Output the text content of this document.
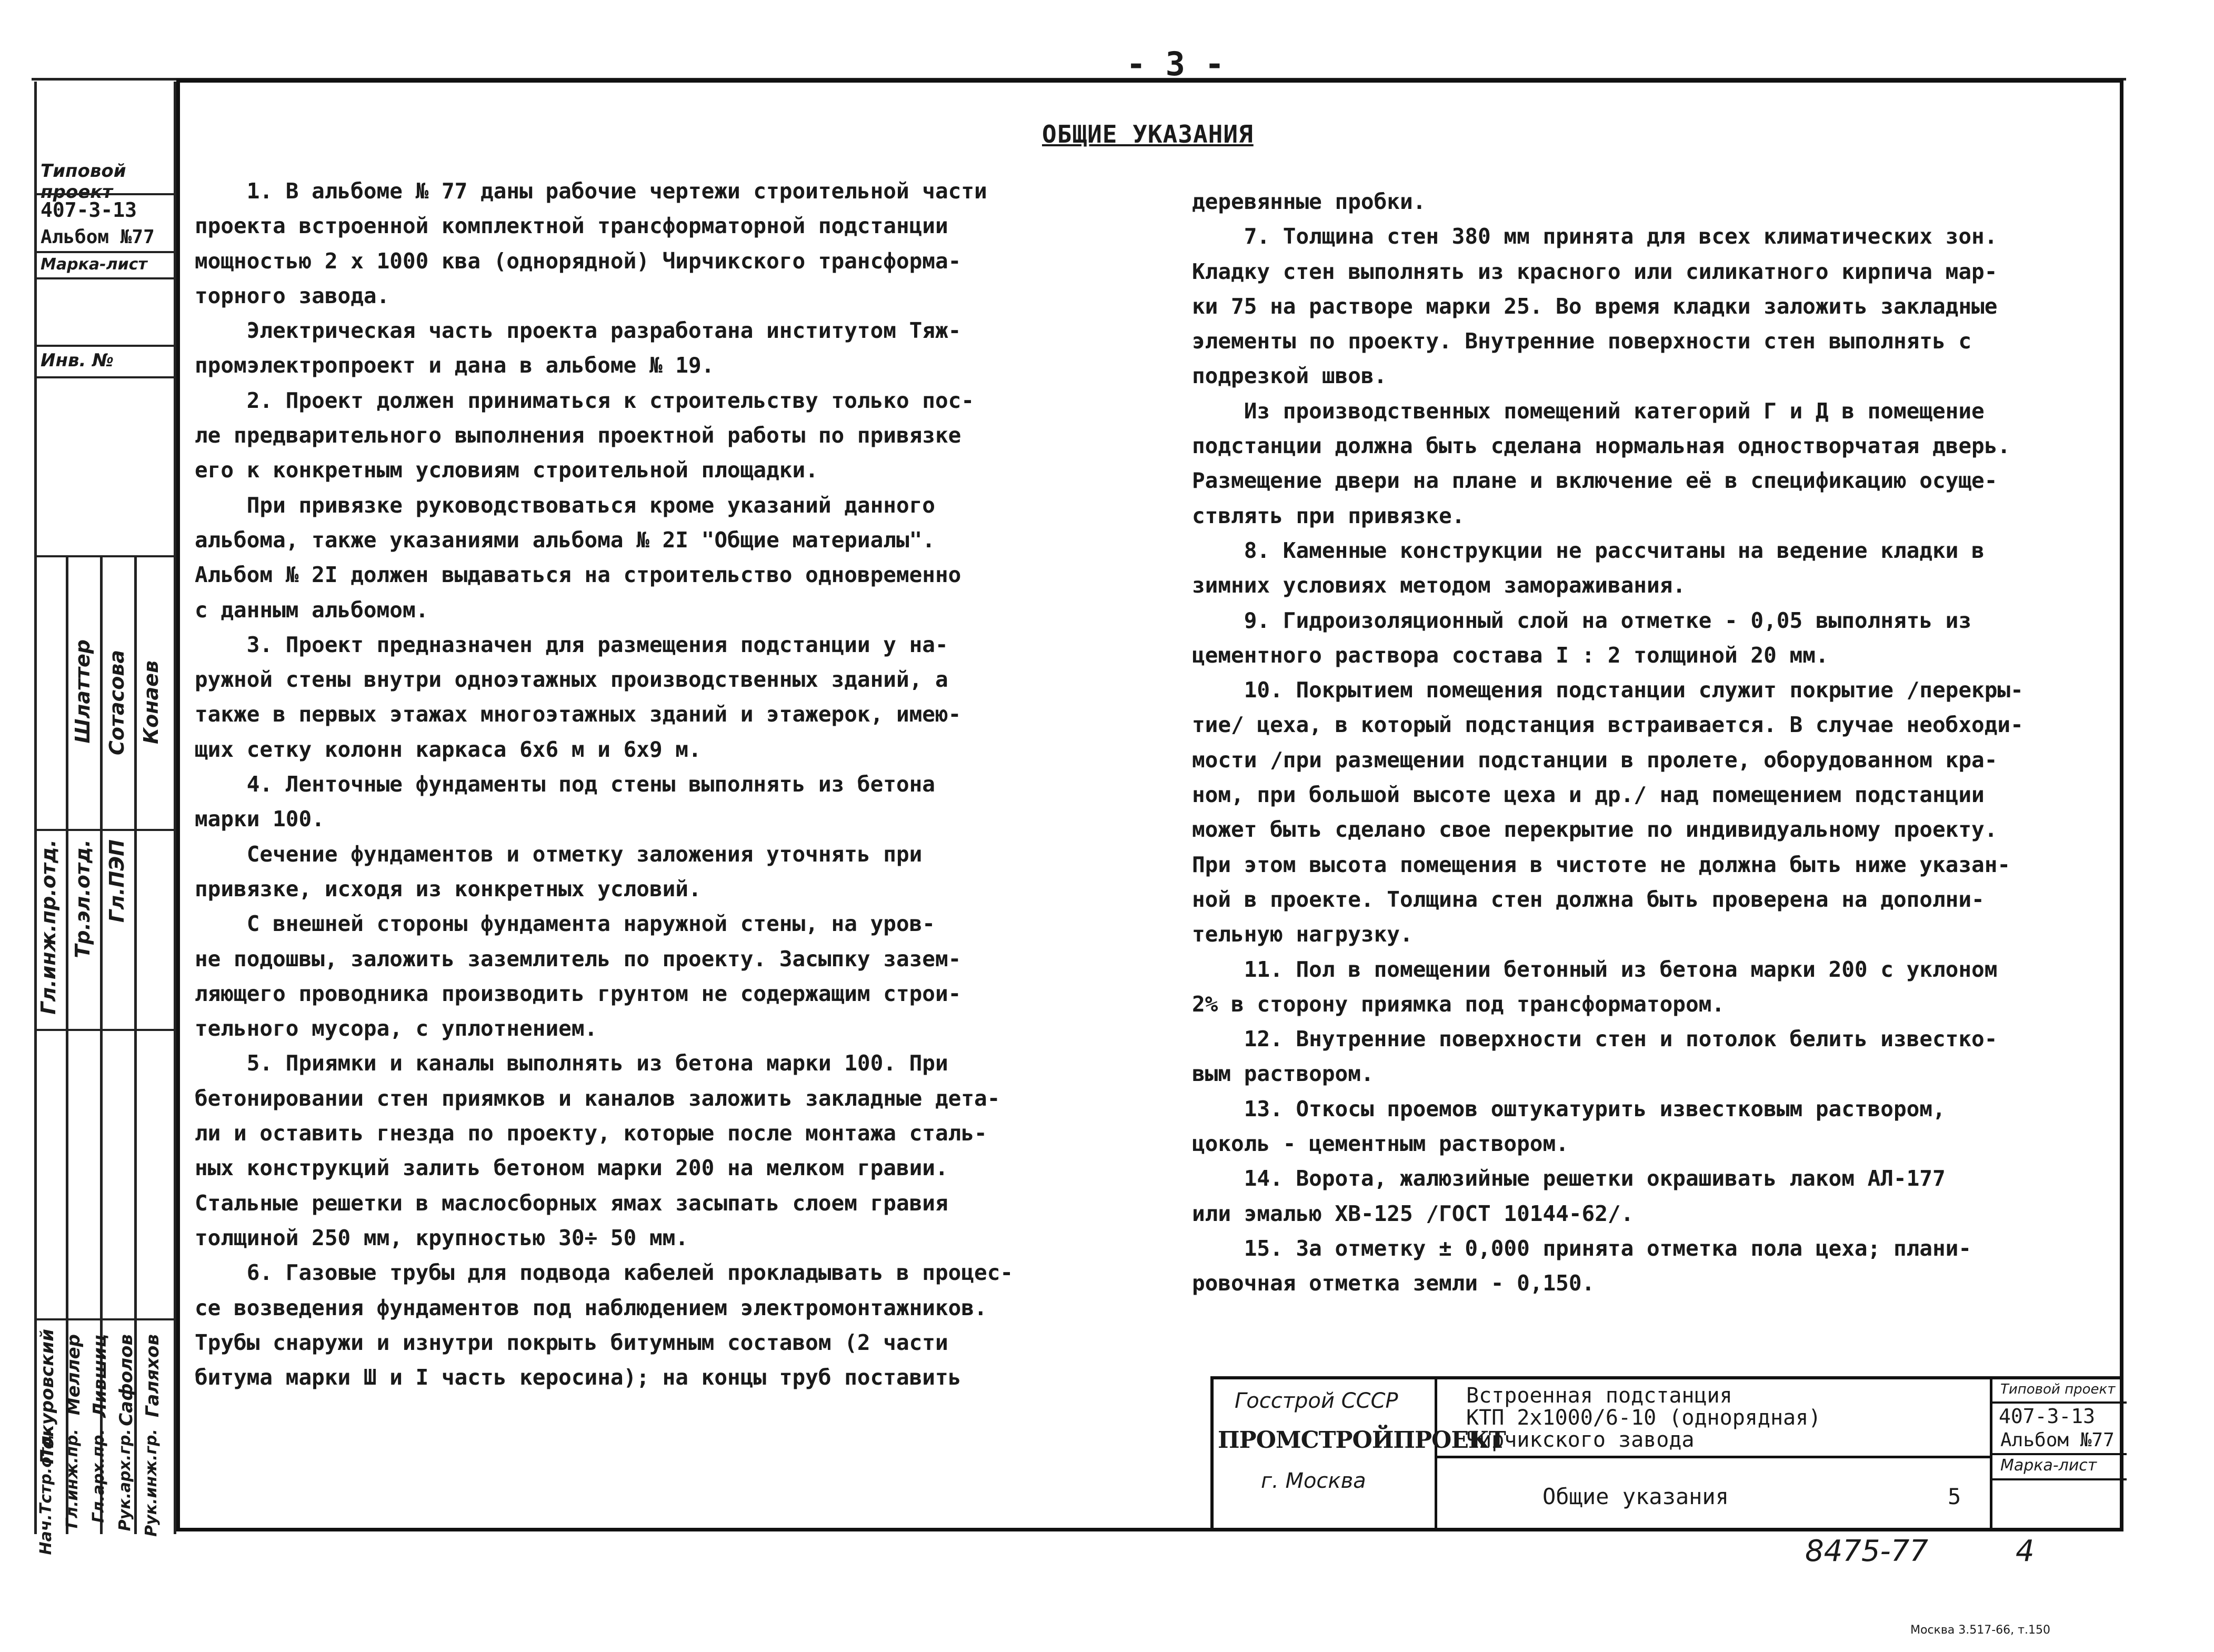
- 3 -
ОБЩИЕ УКАЗАНИЯ
Типовой проект
407-3-13
Альбом №77
Марка-лист
Инв. №
Гл.инж.пр.отд. Тр.эл.отд. Гл.ПЭП
Шлаттер Сотасова Конаев
Покуровский Меллер Лившиц Сафолов Галяхов
Нач.Тстр.отд. Гл.инж.пр. Гл.арх.пр. Рук.арх.гр. Рук.инж.гр.

1. В альбоме № 77 даны рабочие чертежи строительной части

проекта встроенной комплектной трансформаторной подстанции

мощностью 2 х 1000 ква (однорядной) Чирчикского трансформа-

торного завода.

Электрическая часть проекта разработана институтом Тяж-

промэлектропроект и дана в альбоме № 19.

2. Проект должен приниматься к строительству только пос-

ле предварительного выполнения проектной работы по привязке

его к конкретным условиям строительной площадки.

При привязке руководствоваться кроме указаний данного

альбома, также указаниями альбома № 2I "Общие материалы".

Альбом № 2I должен выдаваться на строительство одновременно

с данным альбомом.

3. Проект предназначен для размещения подстанции у на-

ружной стены внутри одноэтажных производственных зданий, а

также в первых этажах многоэтажных зданий и этажерок, имею-

щих сетку колонн каркаса 6х6 м и 6х9 м.

4. Ленточные фундаменты под стены выполнять из бетона

марки 100.

Сечение фундаментов и отметку заложения уточнять при

привязке, исходя из конкретных условий.

С внешней стороны фундамента наружной стены, на уров-

не подошвы, заложить заземлитель по проекту. Засыпку зазем-

ляющего проводника производить грунтом не содержащим строи-

тельного мусора, с уплотнением.

5. Приямки и каналы выполнять из бетона марки 100. При

бетонировании стен приямков и каналов заложить закладные дета-

ли и оставить гнезда по проекту, которые после монтажа сталь-

ных конструкций залить бетоном марки 200 на мелком гравии.

Стальные решетки в маслосборных ямах засыпать слоем гравия

толщиной 250 мм, крупностью 30÷ 50 мм.

6. Газовые трубы для подвода кабелей прокладывать в процес-

се возведения фундаментов под наблюдением электромонтажников.

Трубы снаружи и изнутри покрыть битумным составом (2 части

битума марки Ш и I часть керосина); на концы труб поставить

деревянные пробки.

7. Толщина стен 380 мм принята для всех климатических зон.

Кладку стен выполнять из красного или силикатного кирпича мар-

ки 75 на растворе марки 25. Во время кладки заложить закладные

элементы по проекту. Внутренние поверхности стен выполнять с

подрезкой швов.

Из производственных помещений категорий Г и Д в помещение

подстанции должна быть сделана нормальная одностворчатая дверь.

Размещение двери на плане и включение её в спецификацию осуще-

ствлять при привязке.

8. Каменные конструкции не рассчитаны на ведение кладки в

зимних условиях методом замораживания.

9. Гидроизоляционный слой на отметке - 0,05 выполнять из

цементного раствора состава I : 2 толщиной 20 мм.

10. Покрытием помещения подстанции служит покрытие /перекры-

тие/ цеха, в который подстанция встраивается. В случае необходи-

мости /при размещении подстанции в пролете, оборудованном кра-

ном, при большой высоте цеха и др./ над помещением подстанции

может быть сделано свое перекрытие по индивидуальному проекту.

При этом высота помещения в чистоте не должна быть ниже указан-

ной в проекте. Толщина стен должна быть проверена на дополни-

тельную нагрузку.

11. Пол в помещении бетонный из бетона марки 200 с уклоном

2% в сторону приямка под трансформатором.

12. Внутренние поверхности стен и потолок белить известко-

вым раствором.

13. Откосы проемов оштукатурить известковым раствором,

цоколь - цементным раствором.

14. Ворота, жалюзийные решетки окрашивать лаком АЛ-177

или эмалью ХВ-125 /ГОСТ 10144-62/.

15. За отметку ± 0,000 принята отметка пола цеха; плани-

ровочная отметка земли - 0,150.

Госстрой СССР
ПРОМСТРОЙПРОЕКТ
г. Москва
Встроенная подстанция
КТП 2х1000/6-10 (однорядная)
Чирчикского завода
Общие указания	5
Типовой проект
407-3-13
Альбом №77
Марка-лист
8475-77	4
Москва 3.517-66, т.150
